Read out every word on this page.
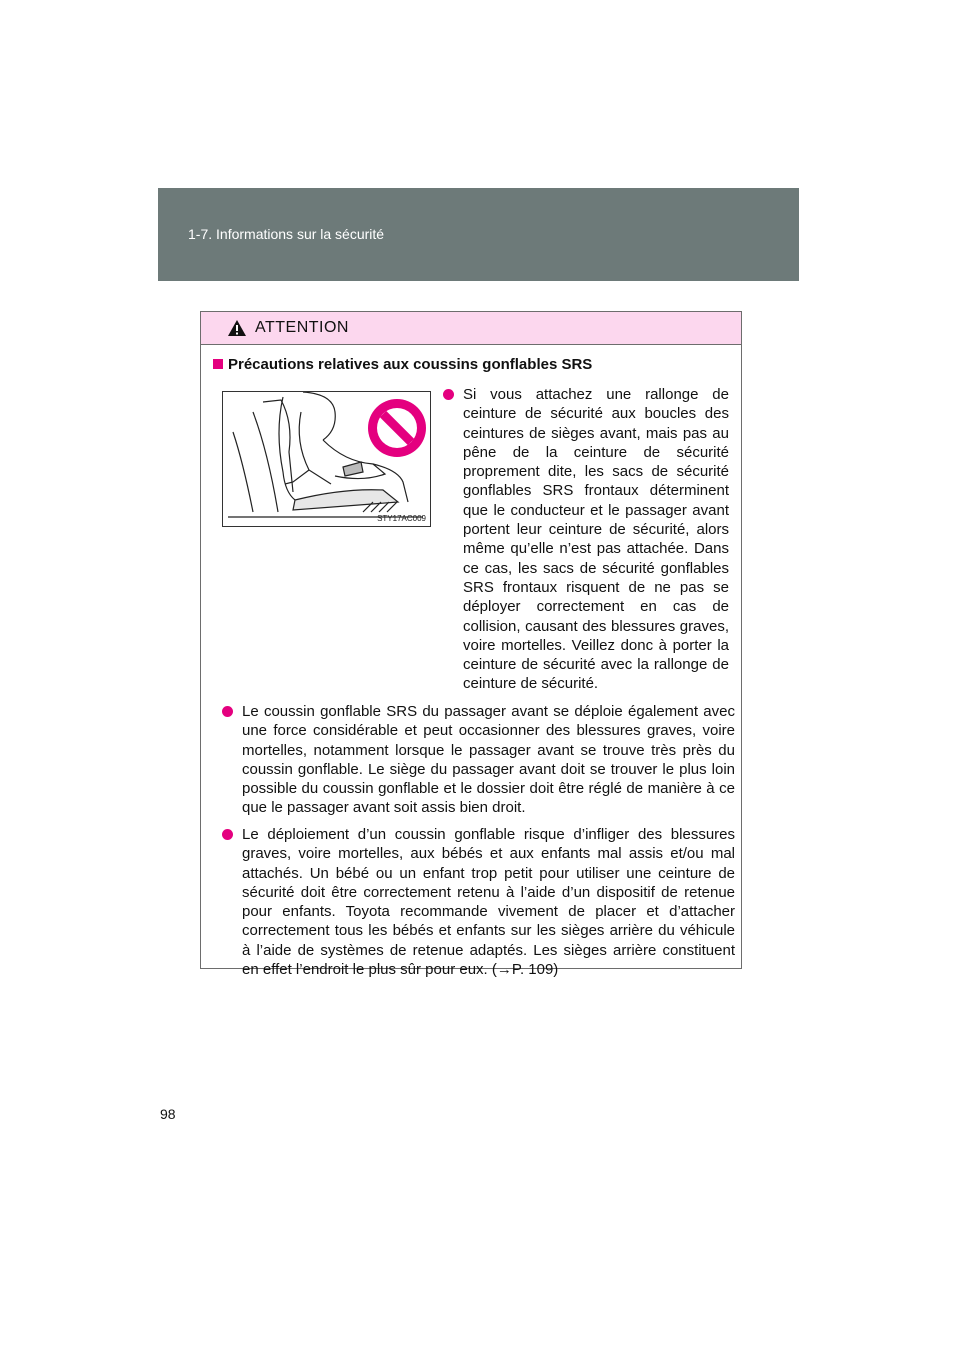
1-7. Informations sur la sécurité
ATTENTION
Précautions relatives aux coussins gonflables SRS
STY17AC009
Si vous attachez une rallonge de ceinture de sécurité aux boucles des ceintures de sièges avant, mais pas au pêne de la ceinture de sécurité proprement dite, les sacs de sécurité gonflables SRS frontaux déterminent que le conducteur et le passager avant portent leur ceinture de sécurité, alors même qu’elle n’est pas attachée. Dans ce cas, les sacs de sécurité gonflables SRS frontaux risquent de ne pas se déployer correctement en cas de collision, causant des blessures graves, voire mortelles. Veillez donc à porter la ceinture de sécurité avec la rallonge de ceinture de sécurité.
Le coussin gonflable SRS du passager avant se déploie également avec une force considérable et peut occasionner des blessures graves, voire mortelles, notamment lorsque le passager avant se trouve très près du coussin gonflable. Le siège du passager avant doit se trouver le plus loin possible du coussin gonflable et le dossier doit être réglé de manière à ce que le passager avant soit assis bien droit.
Le déploiement d’un coussin gonflable risque d’infliger des blessures graves, voire mortelles, aux bébés et aux enfants mal assis et/ou mal attachés. Un bébé ou un enfant trop petit pour utiliser une ceinture de sécurité doit être correctement retenu à l’aide d’un dispositif de retenue pour enfants. Toyota recommande vivement de placer et d’attacher correctement tous les bébés et enfants sur les sièges arrière du véhicule à l’aide de systèmes de retenue adaptés. Les sièges arrière constituent en effet l’endroit le plus sûr pour eux. (→P. 109)
98
